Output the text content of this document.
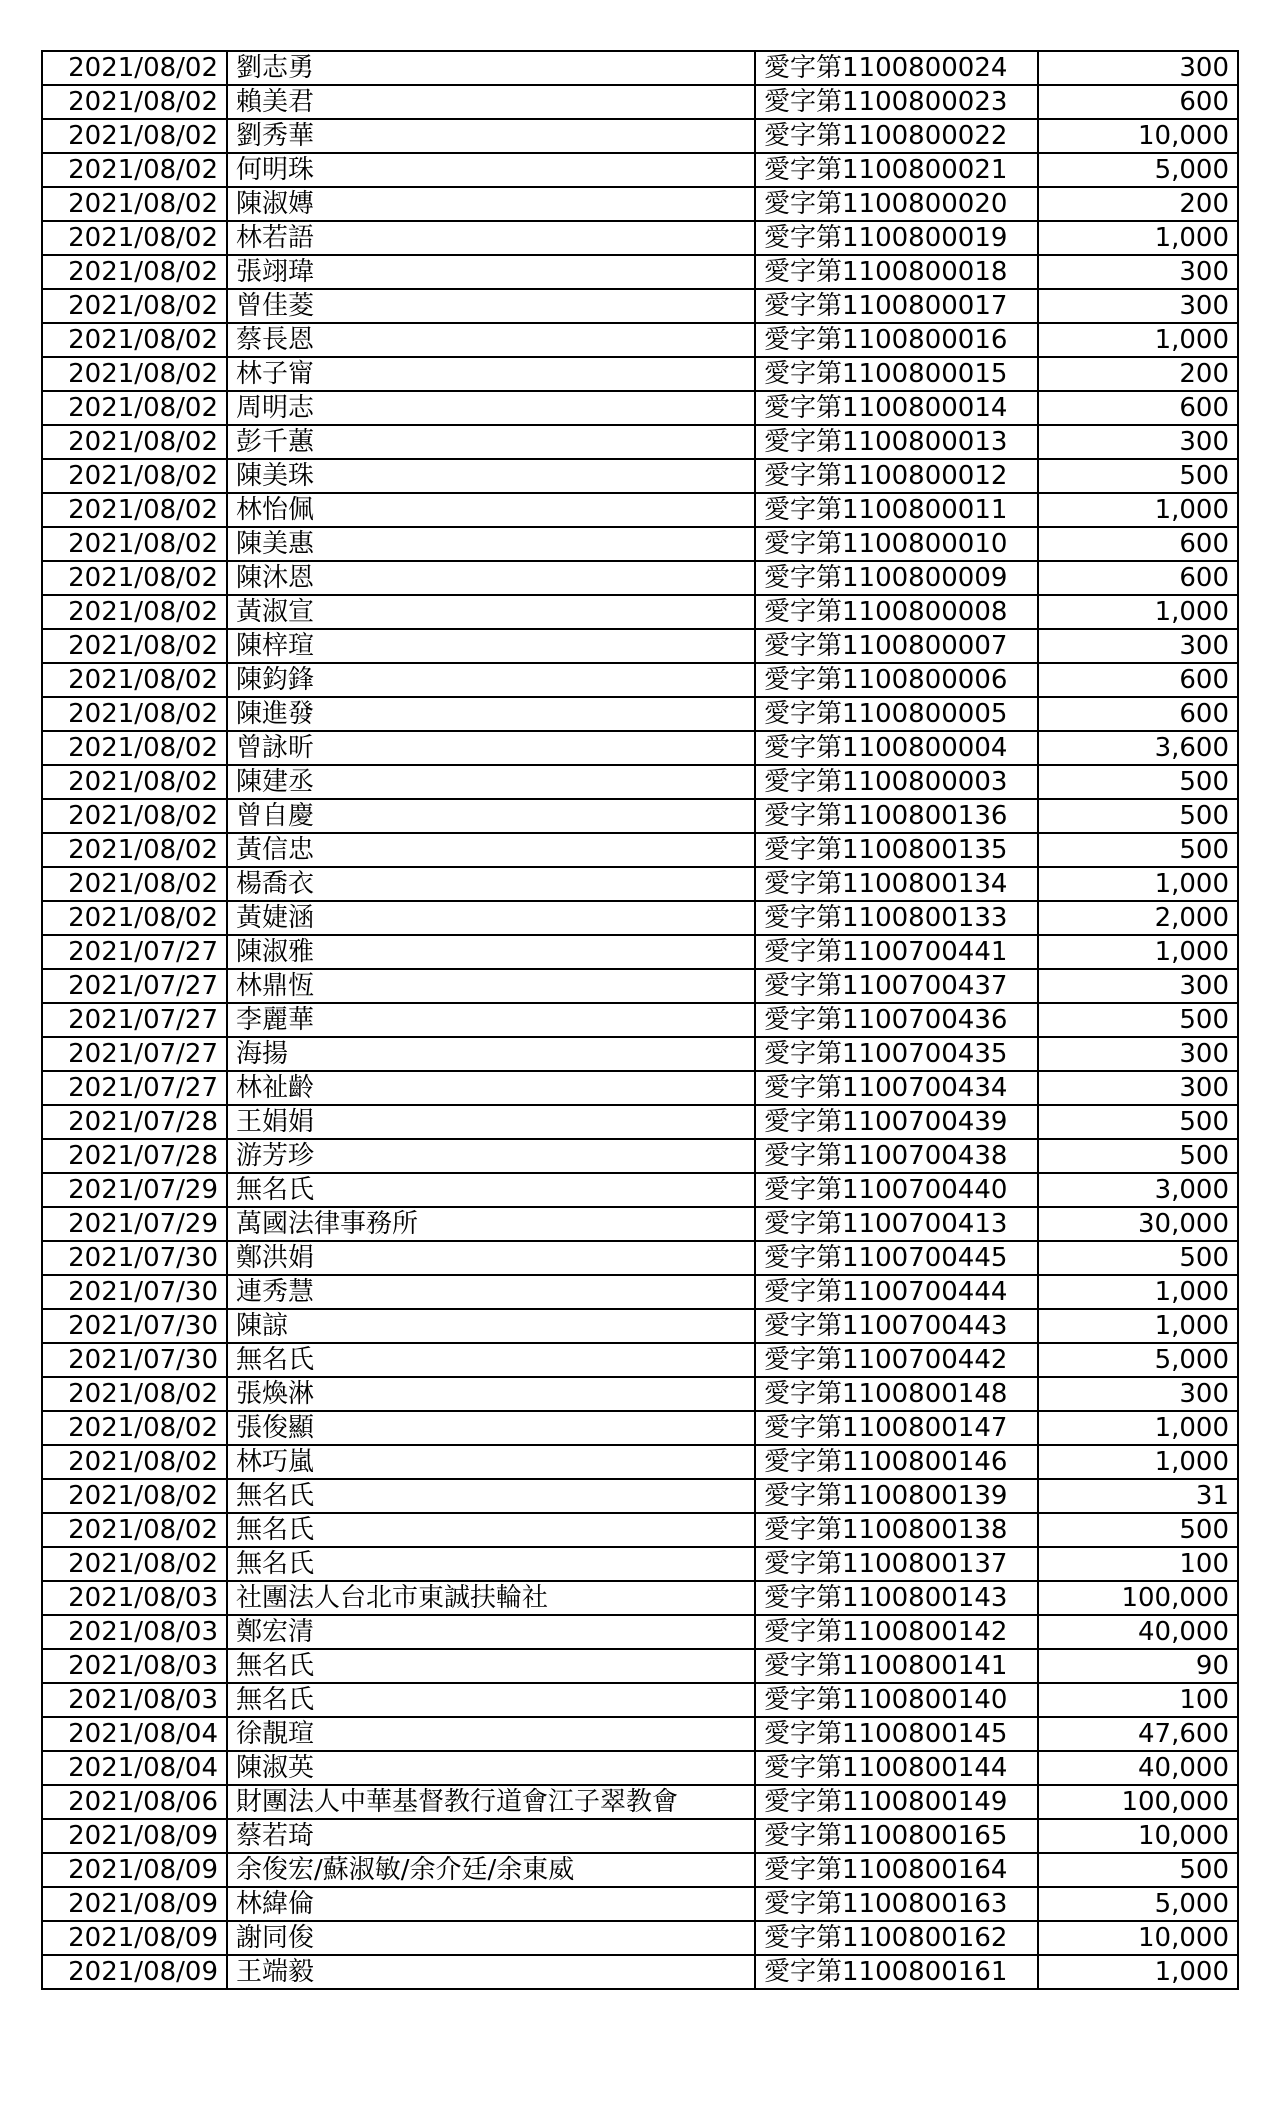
2021/08/02	劉志勇	愛字第1100800024	300
2021/08/02	賴美君	愛字第1100800023	600
2021/08/02	劉秀華	愛字第1100800022	10,000
2021/08/02	何明珠	愛字第1100800021	5,000
2021/08/02	陳淑嫥	愛字第1100800020	200
2021/08/02	林若語	愛字第1100800019	1,000
2021/08/02	張翊瑋	愛字第1100800018	300
2021/08/02	曾佳菱	愛字第1100800017	300
2021/08/02	蔡長恩	愛字第1100800016	1,000
2021/08/02	林子甯	愛字第1100800015	200
2021/08/02	周明志	愛字第1100800014	600
2021/08/02	彭千蕙	愛字第1100800013	300
2021/08/02	陳美珠	愛字第1100800012	500
2021/08/02	林怡佩	愛字第1100800011	1,000
2021/08/02	陳美惠	愛字第1100800010	600
2021/08/02	陳沐恩	愛字第1100800009	600
2021/08/02	黃淑宣	愛字第1100800008	1,000
2021/08/02	陳梓瑄	愛字第1100800007	300
2021/08/02	陳鈞鋒	愛字第1100800006	600
2021/08/02	陳進發	愛字第1100800005	600
2021/08/02	曾詠昕	愛字第1100800004	3,600
2021/08/02	陳建丞	愛字第1100800003	500
2021/08/02	曾自慶	愛字第1100800136	500
2021/08/02	黃信忠	愛字第1100800135	500
2021/08/02	楊喬衣	愛字第1100800134	1,000
2021/08/02	黃婕涵	愛字第1100800133	2,000
2021/07/27	陳淑雅	愛字第1100700441	1,000
2021/07/27	林鼎恆	愛字第1100700437	300
2021/07/27	李麗華	愛字第1100700436	500
2021/07/27	海揚	愛字第1100700435	300
2021/07/27	林祉齡	愛字第1100700434	300
2021/07/28	王娟娟	愛字第1100700439	500
2021/07/28	游芳珍	愛字第1100700438	500
2021/07/29	無名氏	愛字第1100700440	3,000
2021/07/29	萬國法律事務所	愛字第1100700413	30,000
2021/07/30	鄭洪娟	愛字第1100700445	500
2021/07/30	連秀慧	愛字第1100700444	1,000
2021/07/30	陳諒	愛字第1100700443	1,000
2021/07/30	無名氏	愛字第1100700442	5,000
2021/08/02	張煥淋	愛字第1100800148	300
2021/08/02	張俊顯	愛字第1100800147	1,000
2021/08/02	林巧嵐	愛字第1100800146	1,000
2021/08/02	無名氏	愛字第1100800139	31
2021/08/02	無名氏	愛字第1100800138	500
2021/08/02	無名氏	愛字第1100800137	100
2021/08/03	社團法人台北市東誠扶輪社	愛字第1100800143	100,000
2021/08/03	鄭宏清	愛字第1100800142	40,000
2021/08/03	無名氏	愛字第1100800141	90
2021/08/03	無名氏	愛字第1100800140	100
2021/08/04	徐靚瑄	愛字第1100800145	47,600
2021/08/04	陳淑英	愛字第1100800144	40,000
2021/08/06	財團法人中華基督教行道會江子翠教會	愛字第1100800149	100,000
2021/08/09	蔡若琦	愛字第1100800165	10,000
2021/08/09	余俊宏/蘇淑敏/余介廷/余東威	愛字第1100800164	500
2021/08/09	林緯倫	愛字第1100800163	5,000
2021/08/09	謝同俊	愛字第1100800162	10,000
2021/08/09	王端毅	愛字第1100800161	1,000
